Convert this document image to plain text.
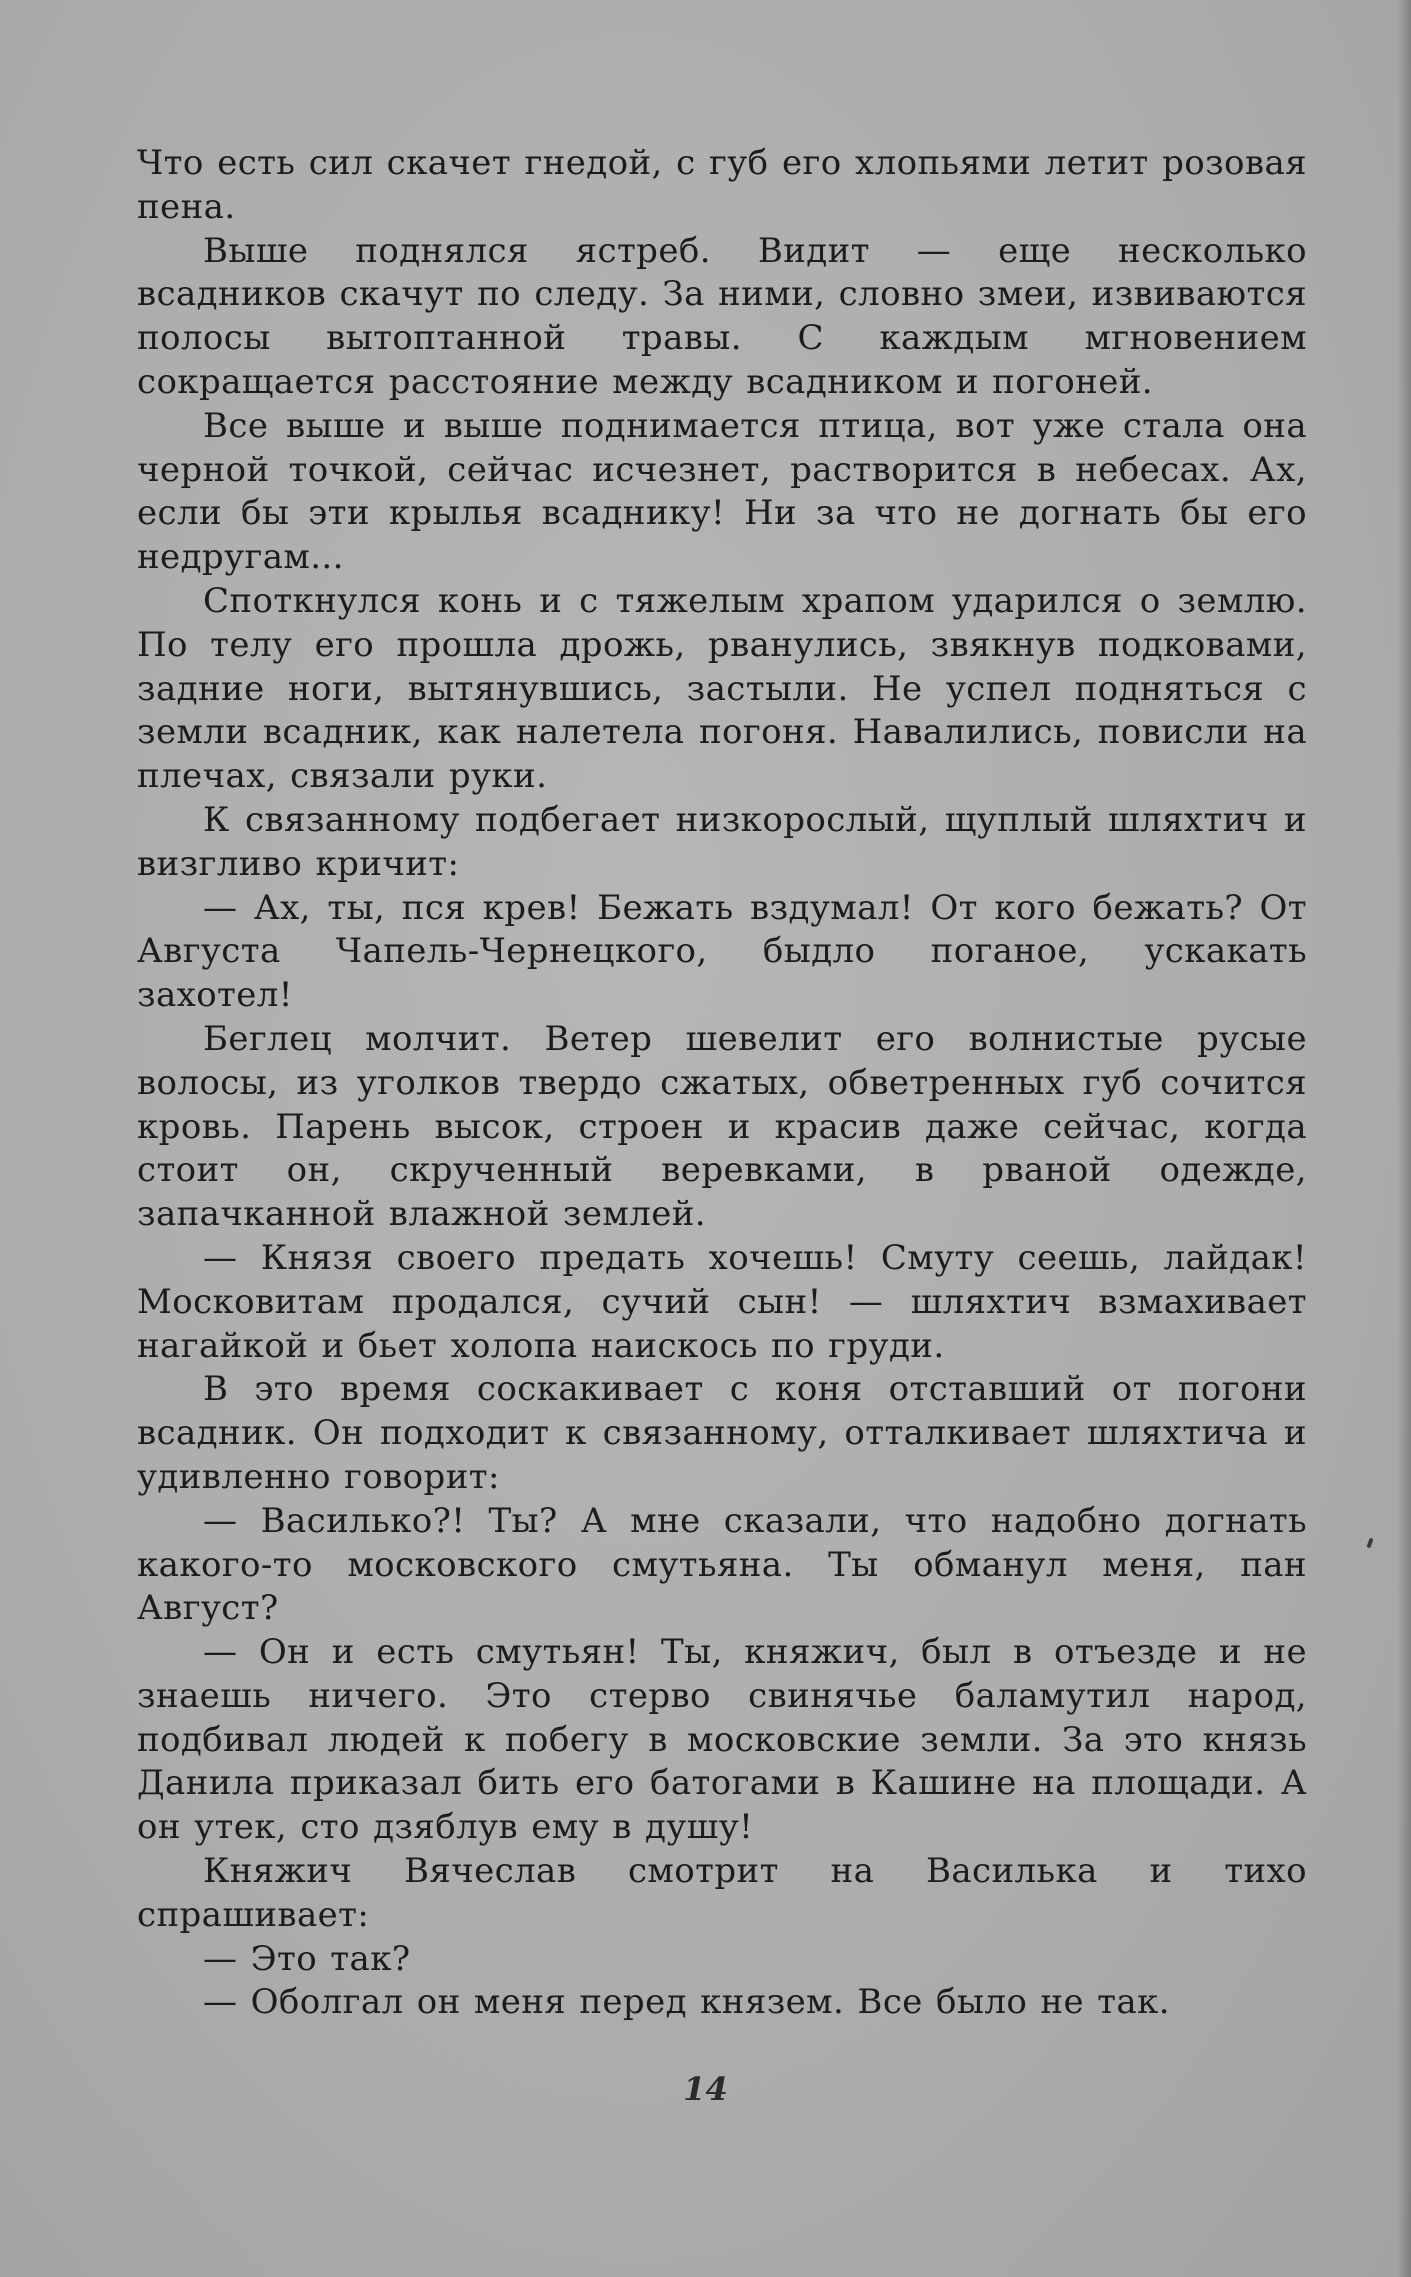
Что есть сил скачет гнедой, с губ его хлопьями летит розовая пена.

Выше поднялся ястреб. Видит — еще несколько всадников скачут по следу. За ними, словно змеи, извиваются полосы вытоптанной травы. С каждым мгновением сокращается расстояние между всадником и погоней.

Все выше и выше поднимается птица, вот уже стала она черной точкой, сейчас исчезнет, растворится в небесах. Ах, если бы эти крылья всаднику! Ни за что не догнать бы его недругам...

Споткнулся конь и с тяжелым храпом ударился о землю. По телу его прошла дрожь, рванулись, звякнув подковами, задние ноги, вытянувшись, застыли. Не успел подняться с земли всадник, как налетела погоня. Навалились, повисли на плечах, связали руки.

К связанному подбегает низкорослый, щуплый шляхтич и визгливо кричит:

— Ах, ты, пся крев! Бежать вздумал! От кого бежать? От Августа Чапель-Чернецкого, быдло поганое, ускакать захотел!

Беглец молчит. Ветер шевелит его волнистые русые волосы, из уголков твердо сжатых, обветренных губ сочится кровь. Парень высок, строен и красив даже сейчас, когда стоит он, скрученный веревками, в рваной одежде, запачканной влажной землей.

— Князя своего предать хочешь! Смуту сеешь, лайдак! Московитам продался, сучий сын! — шляхтич взмахивает нагайкой и бьет холопа наискось по груди.

В это время соскакивает с коня отставший от погони всадник. Он подходит к связанному, отталкивает шляхтича и удивленно говорит:

— Василько?! Ты? А мне сказали, что надобно догнать какого-то московского смутьяна. Ты обманул меня, пан Август?

— Он и есть смутьян! Ты, княжич, был в отъезде и не знаешь ничего. Это стерво свинячье баламутил народ, подбивал людей к побегу в московские земли. За это князь Данила приказал бить его батогами в Кашине на площади. А он утек, сто дзяблув ему в душу!

Княжич Вячеслав смотрит на Василька и тихо спрашивает:

— Это так?

— Оболгал он меня перед князем. Все было не так.

14
